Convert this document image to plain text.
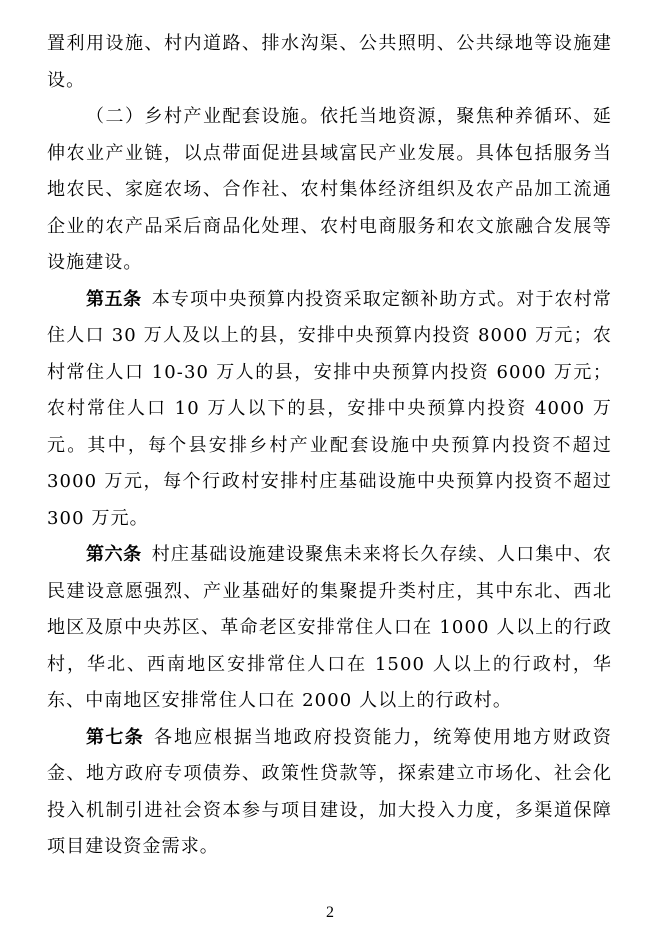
置利用设施、村内道路、排水沟渠、公共照明、公共绿地等设施建设。

（二）乡村产业配套设施。依托当地资源，聚焦种养循环、延伸农业产业链，以点带面促进县域富民产业发展。具体包括服务当地农民、家庭农场、合作社、农村集体经济组织及农产品加工流通企业的农产品采后商品化处理、农村电商服务和农文旅融合发展等设施建设。

第五条 本专项中央预算内投资采取定额补助方式。对于农村常住人口 30 万人及以上的县，安排中央预算内投资 8000 万元；农村常住人口 10-30 万人的县，安排中央预算内投资 6000 万元；农村常住人口 10 万人以下的县，安排中央预算内投资 4000 万元。其中，每个县安排乡村产业配套设施中央预算内投资不超过 3000 万元，每个行政村安排村庄基础设施中央预算内投资不超过 300 万元。

第六条 村庄基础设施建设聚焦未来将长久存续、人口集中、农民建设意愿强烈、产业基础好的集聚提升类村庄，其中东北、西北地区及原中央苏区、革命老区安排常住人口在 1000 人以上的行政村，华北、西南地区安排常住人口在 1500 人以上的行政村，华东、中南地区安排常住人口在 2000 人以上的行政村。

第七条 各地应根据当地政府投资能力，统筹使用地方财政资金、地方政府专项债券、政策性贷款等，探索建立市场化、社会化投入机制引进社会资本参与项目建设，加大投入力度，多渠道保障项目建设资金需求。

2
